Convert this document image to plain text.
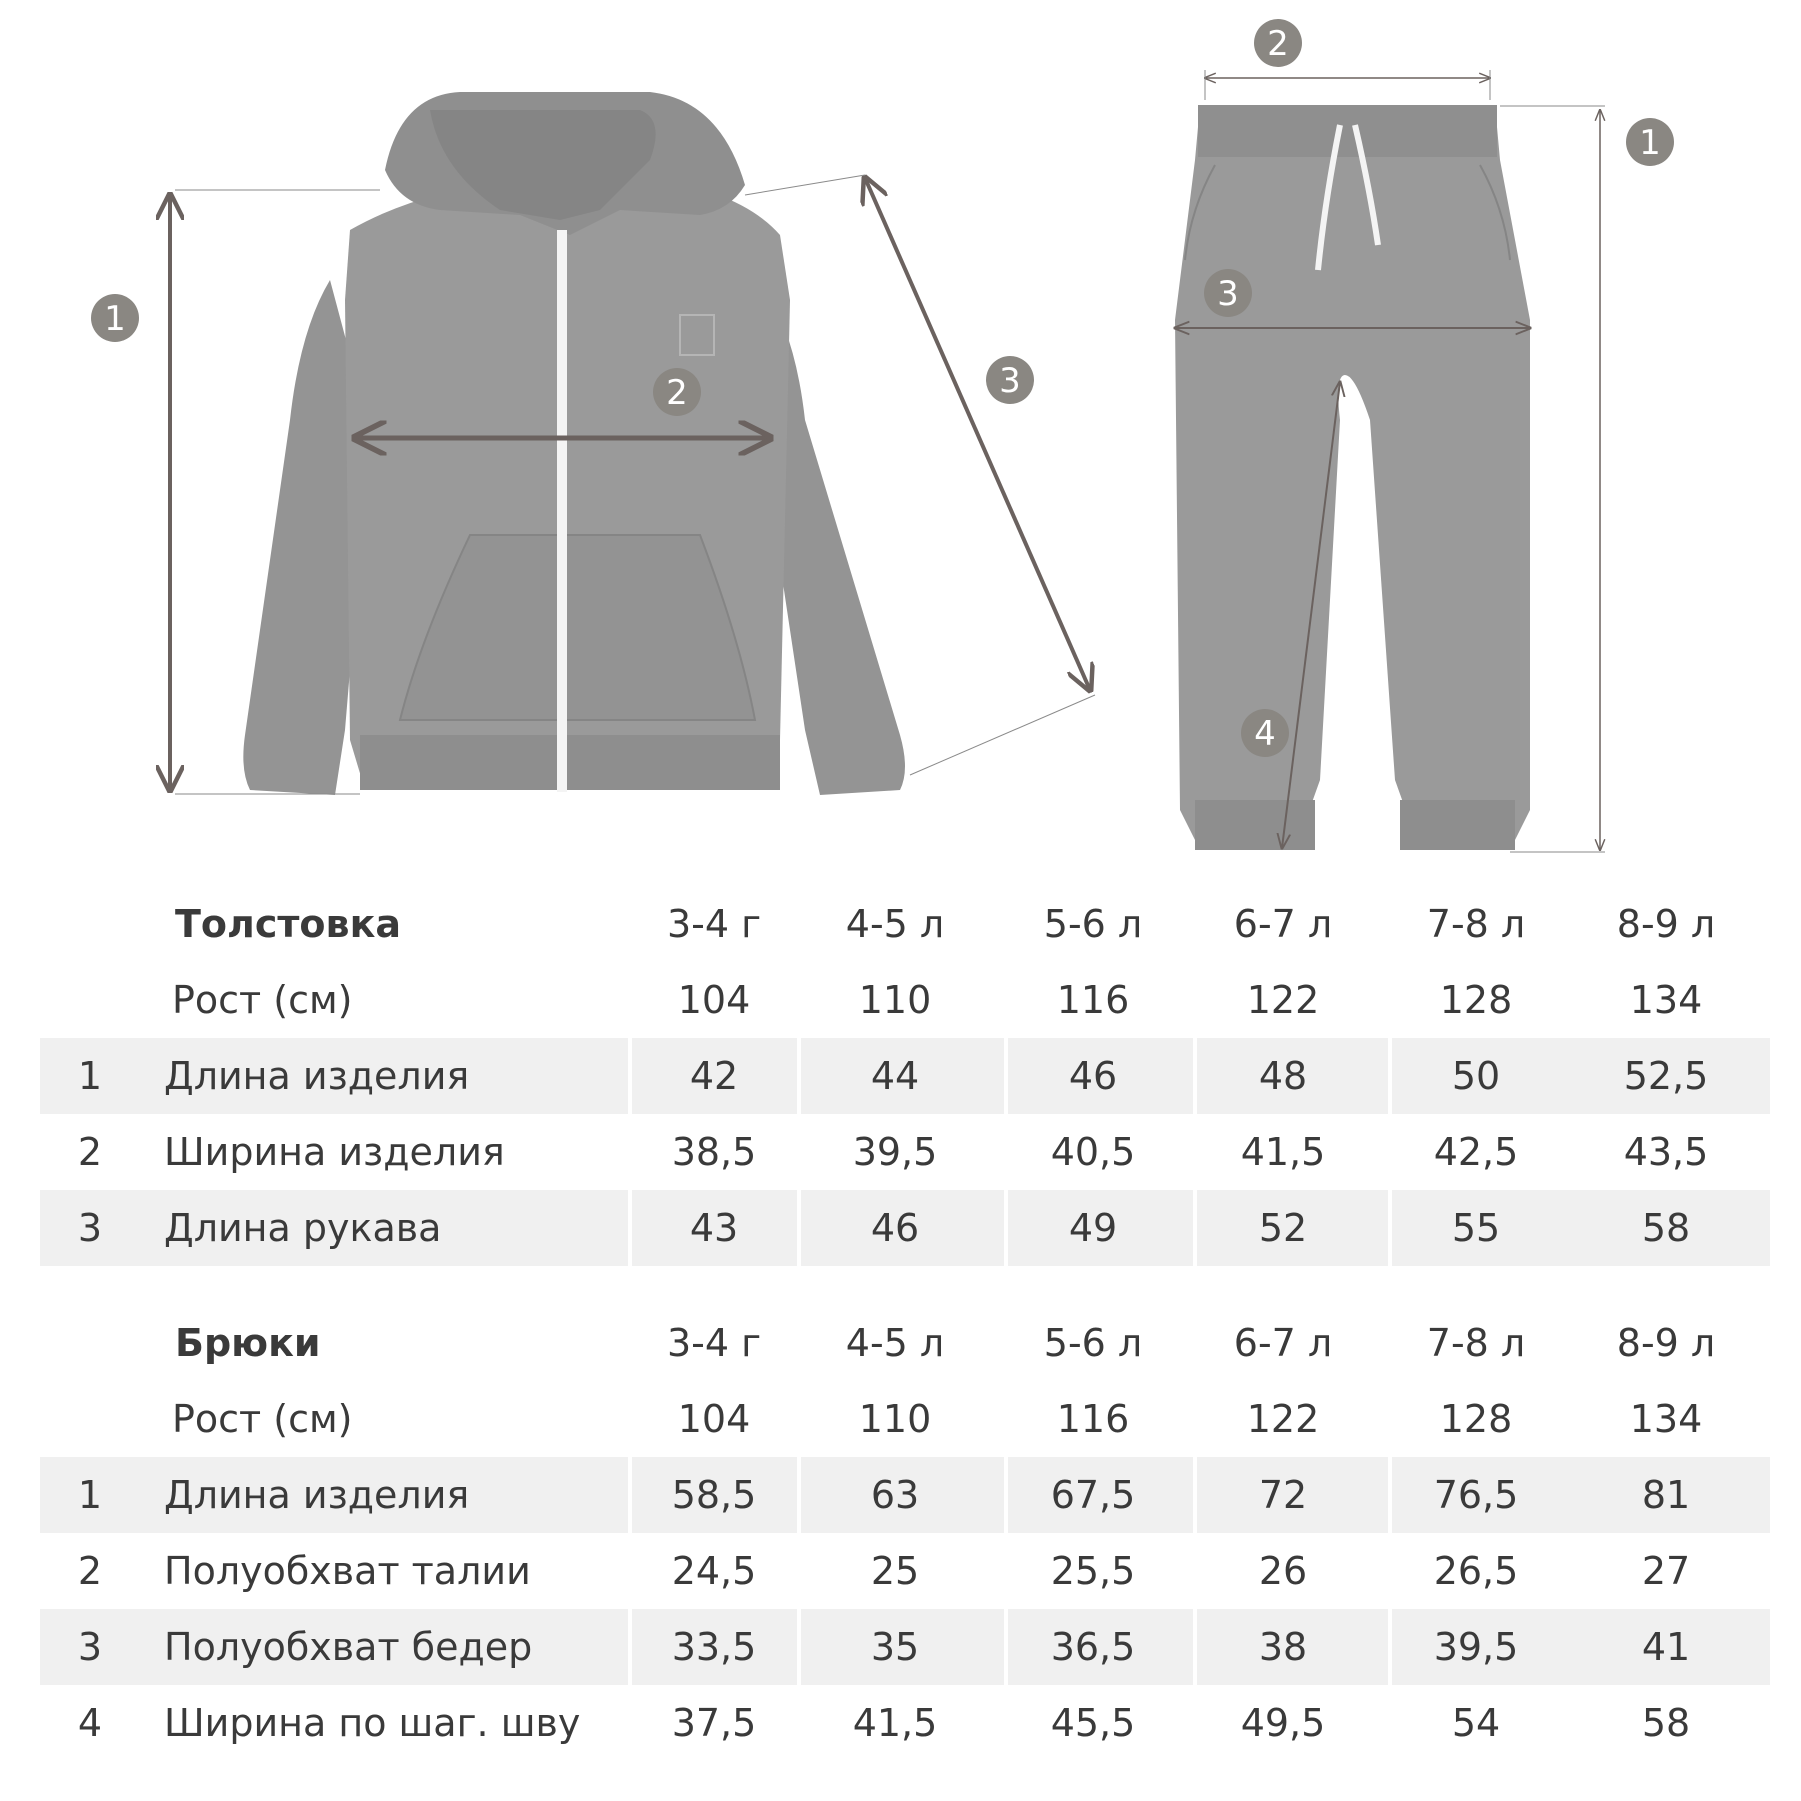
1
2	3
2
1
3
4
Толстовка	3-4 г	4-5 л	5-6 л	6-7 л	7-8 л	8-9 л
Рост (см)	104	110	116	122	128	134
1 Длина изделия	42	44	46	48	50	52,5
2 Ширина изделия	38,5	39,5	40,5	41,5	42,5	43,5
3 Длина рукава	43	46	49	52	55	58
Брюки	3-4 г	4-5 л	5-6 л	6-7 л	7-8 л	8-9 л
Рост (см)	104	110	116	122	128	134
1 Длина изделия	58,5	63	67,5	72	76,5	81
2 Полуобхват талии	24,5	25	25,5	26	26,5	27
3 Полуобхват бедер	33,5	35	36,5	38	39,5	41
4 Ширина по шаг. шву	37,5	41,5	45,5	49,5	54	58
